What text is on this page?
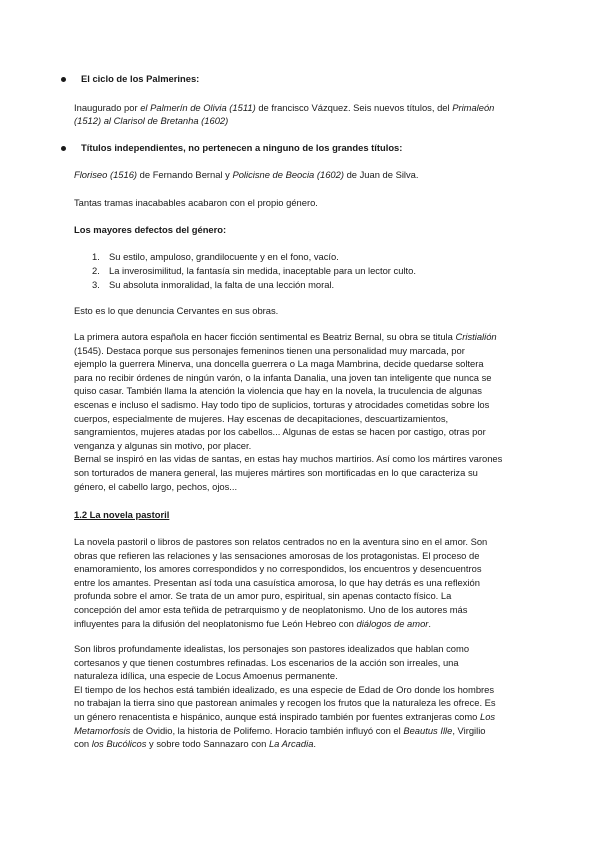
El ciclo de los Palmerines:
Inaugurado por el Palmerín de Olivia (1511) de francisco Vázquez. Seis nuevos títulos, del Primaleón
(1512) al Clarisol de Bretanha (1602)
Títulos independientes, no pertenecen a ninguno de los grandes títulos:
Floriseo (1516) de Fernando Bernal y Policisne de Beocia (1602) de Juan de Silva.
Tantas tramas inacabables acabaron con el propio género.
Los mayores defectos del género:
1. Su estilo, ampuloso, grandilocuente y en el fono, vacío.
2. La inverosimilitud, la fantasía sin medida, inaceptable para un lector culto.
3. Su absoluta inmoralidad, la falta de una lección moral.
Esto es lo que denuncia Cervantes en sus obras.
La primera autora española en hacer ficción sentimental es Beatriz Bernal, su obra se titula Cristialión
(1545). Destaca porque sus personajes femeninos tienen una personalidad muy marcada, por
ejemplo la guerrera Minerva, una doncella guerrera o La maga Mambrina, decide quedarse soltera
para no recibir órdenes de ningún varón, o la infanta Danalia, una joven tan inteligente que nunca se
quiso casar. También llama la atención la violencia que hay en la novela, la truculencia de algunas
escenas e incluso el sadismo. Hay todo tipo de suplicios, torturas y atrocidades cometidas sobre los
cuerpos, especialmente de mujeres. Hay escenas de decapitaciones, descuartizamientos,
sangramientos, mujeres atadas por los cabellos... Algunas de estas se hacen por castigo, otras por
venganza y algunas sin motivo, por placer.
Bernal se inspiró en las vidas de santas, en estas hay muchos martirios. Así como los mártires varones
son torturados de manera general, las mujeres mártires son mortificadas en lo que caracteriza su
género, el cabello largo, pechos, ojos...
1.2 La novela pastoril
La novela pastoril o libros de pastores son relatos centrados no en la aventura sino en el amor. Son
obras que refieren las relaciones y las sensaciones amorosas de los protagonistas. El proceso de
enamoramiento, los amores correspondidos y no correspondidos, los encuentros y desencuentros
entre los amantes. Presentan así toda una casuística amorosa, lo que hay detrás es una reflexión
profunda sobre el amor. Se trata de un amor puro, espiritual, sin apenas contacto físico. La
concepción del amor esta teñida de petrarquismo y de neoplatonismo. Uno de los autores más
influyentes para la difusión del neoplatonismo fue León Hebreo con diálogos de amor.
Son libros profundamente idealistas, los personajes son pastores idealizados que hablan como
cortesanos y que tienen costumbres refinadas. Los escenarios de la acción son irreales, una
naturaleza idílica, una especie de Locus Amoenus permanente.
El tiempo de los hechos está también idealizado, es una especie de Edad de Oro donde los hombres
no trabajan la tierra sino que pastorean animales y recogen los frutos que la naturaleza les ofrece. Es
un género renacentista e hispánico, aunque está inspirado también por fuentes extranjeras como Los
Metamorfosis de Ovidio, la historia de Polifemo. Horacio también influyó con el Beautus Ille, Virgilio
con los Bucólicos y sobre todo Sannazaro con La Arcadia.
